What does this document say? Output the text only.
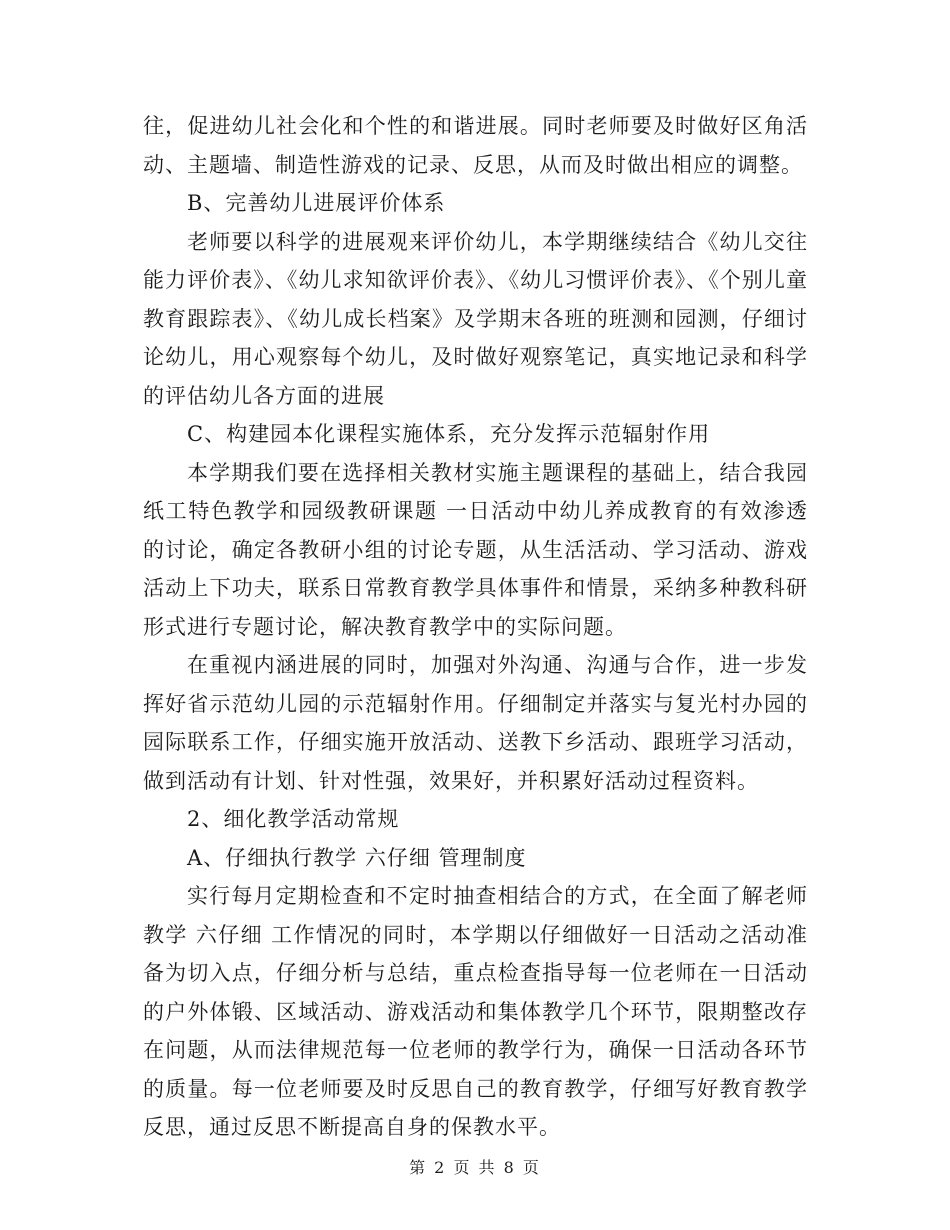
往，促进幼儿社会化和个性的和谐进展。同时老师要及时做好区角活动、主题墙、制造性游戏的记录、反思，从而及时做出相应的调整。

B、完善幼儿进展评价体系

老师要以科学的进展观来评价幼儿，本学期继续结合《幼儿交往能力评价表》、《幼儿求知欲评价表》、《幼儿习惯评价表》、《个别儿童教育跟踪表》、《幼儿成长档案》及学期末各班的班测和园测，仔细讨论幼儿，用心观察每个幼儿，及时做好观察笔记，真实地记录和科学的评估幼儿各方面的进展

C、构建园本化课程实施体系，充分发挥示范辐射作用

本学期我们要在选择相关教材实施主题课程的基础上，结合我园纸工特色教学和园级教研课题 一日活动中幼儿养成教育的有效渗透 的讨论，确定各教研小组的讨论专题，从生活活动、学习活动、游戏活动上下功夫，联系日常教育教学具体事件和情景，采纳多种教科研形式进行专题讨论，解决教育教学中的实际问题。

在重视内涵进展的同时，加强对外沟通、沟通与合作，进一步发挥好省示范幼儿园的示范辐射作用。仔细制定并落实与复光村办园的园际联系工作，仔细实施开放活动、送教下乡活动、跟班学习活动，做到活动有计划、针对性强，效果好，并积累好活动过程资料。

2、细化教学活动常规

A、仔细执行教学 六仔细 管理制度

实行每月定期检查和不定时抽查相结合的方式，在全面了解老师教学 六仔细 工作情况的同时，本学期以仔细做好一日活动之活动准备为切入点，仔细分析与总结，重点检查指导每一位老师在一日活动的户外体锻、区域活动、游戏活动和集体教学几个环节，限期整改存在问题，从而法律规范每一位老师的教学行为，确保一日活动各环节的质量。每一位老师要及时反思自己的教育教学，仔细写好教育教学反思，通过反思不断提高自身的保教水平。

第 2 页 共 8 页
